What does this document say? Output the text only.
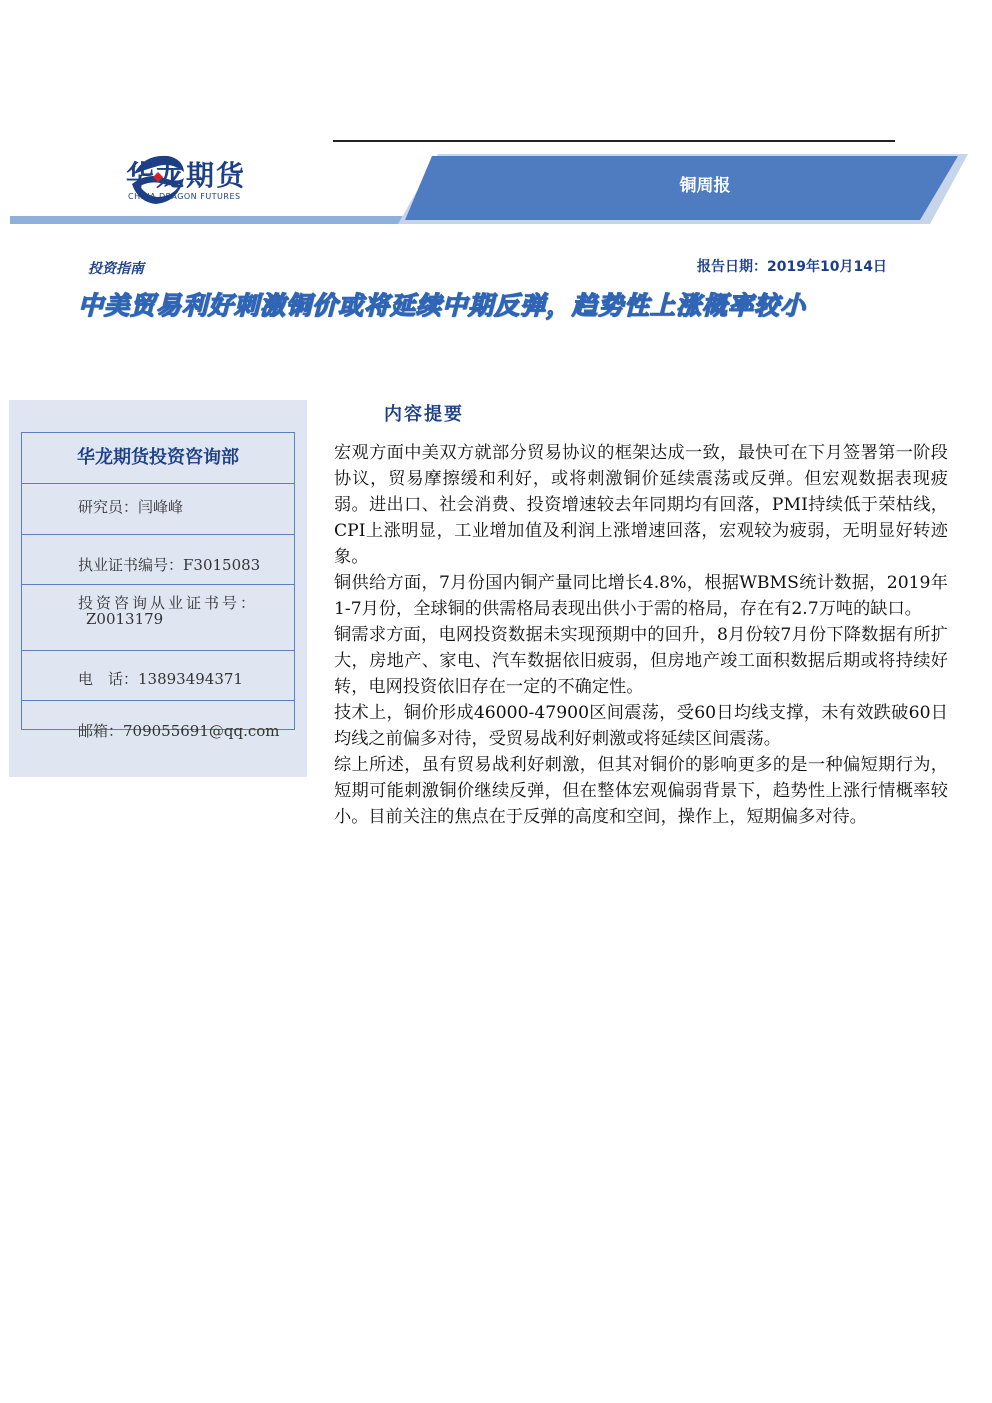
华龙期货
CHINA DRAGON FUTURES
铜周报
投资指南	报告日期：2019年10月14日
中美贸易利好刺激铜价或将延续中期反弹，趋势性上涨概率较小
华龙期货投资咨询部
研究员：闫峰峰
执业证书编号：F3015083
投资咨询从业证书号：
Z0013179
电　话：13893494371
邮箱：709055691@qq.com
内容提要

宏观方面中美双方就部分贸易协议的框架达成一致，最快可在下月签署第一阶段协议，贸易摩擦缓和利好，或将刺激铜价延续震荡或反弹。但宏观数据表现疲弱。进出口、社会消费、投资增速较去年同期均有回落，PMI持续低于荣枯线，CPI上涨明显，工业增加值及利润上涨增速回落，宏观较为疲弱，无明显好转迹象。

铜供给方面，7月份国内铜产量同比增长4.8%，根据WBMS统计数据，2019年1-7月份，全球铜的供需格局表现出供小于需的格局，存在有2.7万吨的缺口。

铜需求方面，电网投资数据未实现预期中的回升，8月份较7月份下降数据有所扩大，房地产、家电、汽车数据依旧疲弱，但房地产竣工面积数据后期或将持续好转，电网投资依旧存在一定的不确定性。

技术上，铜价形成46000-47900区间震荡，受60日均线支撑，未有效跌破60日均线之前偏多对待，受贸易战利好刺激或将延续区间震荡。

综上所述，虽有贸易战利好刺激，但其对铜价的影响更多的是一种偏短期行为，短期可能刺激铜价继续反弹，但在整体宏观偏弱背景下，趋势性上涨行情概率较小。目前关注的焦点在于反弹的高度和空间，操作上，短期偏多对待。
